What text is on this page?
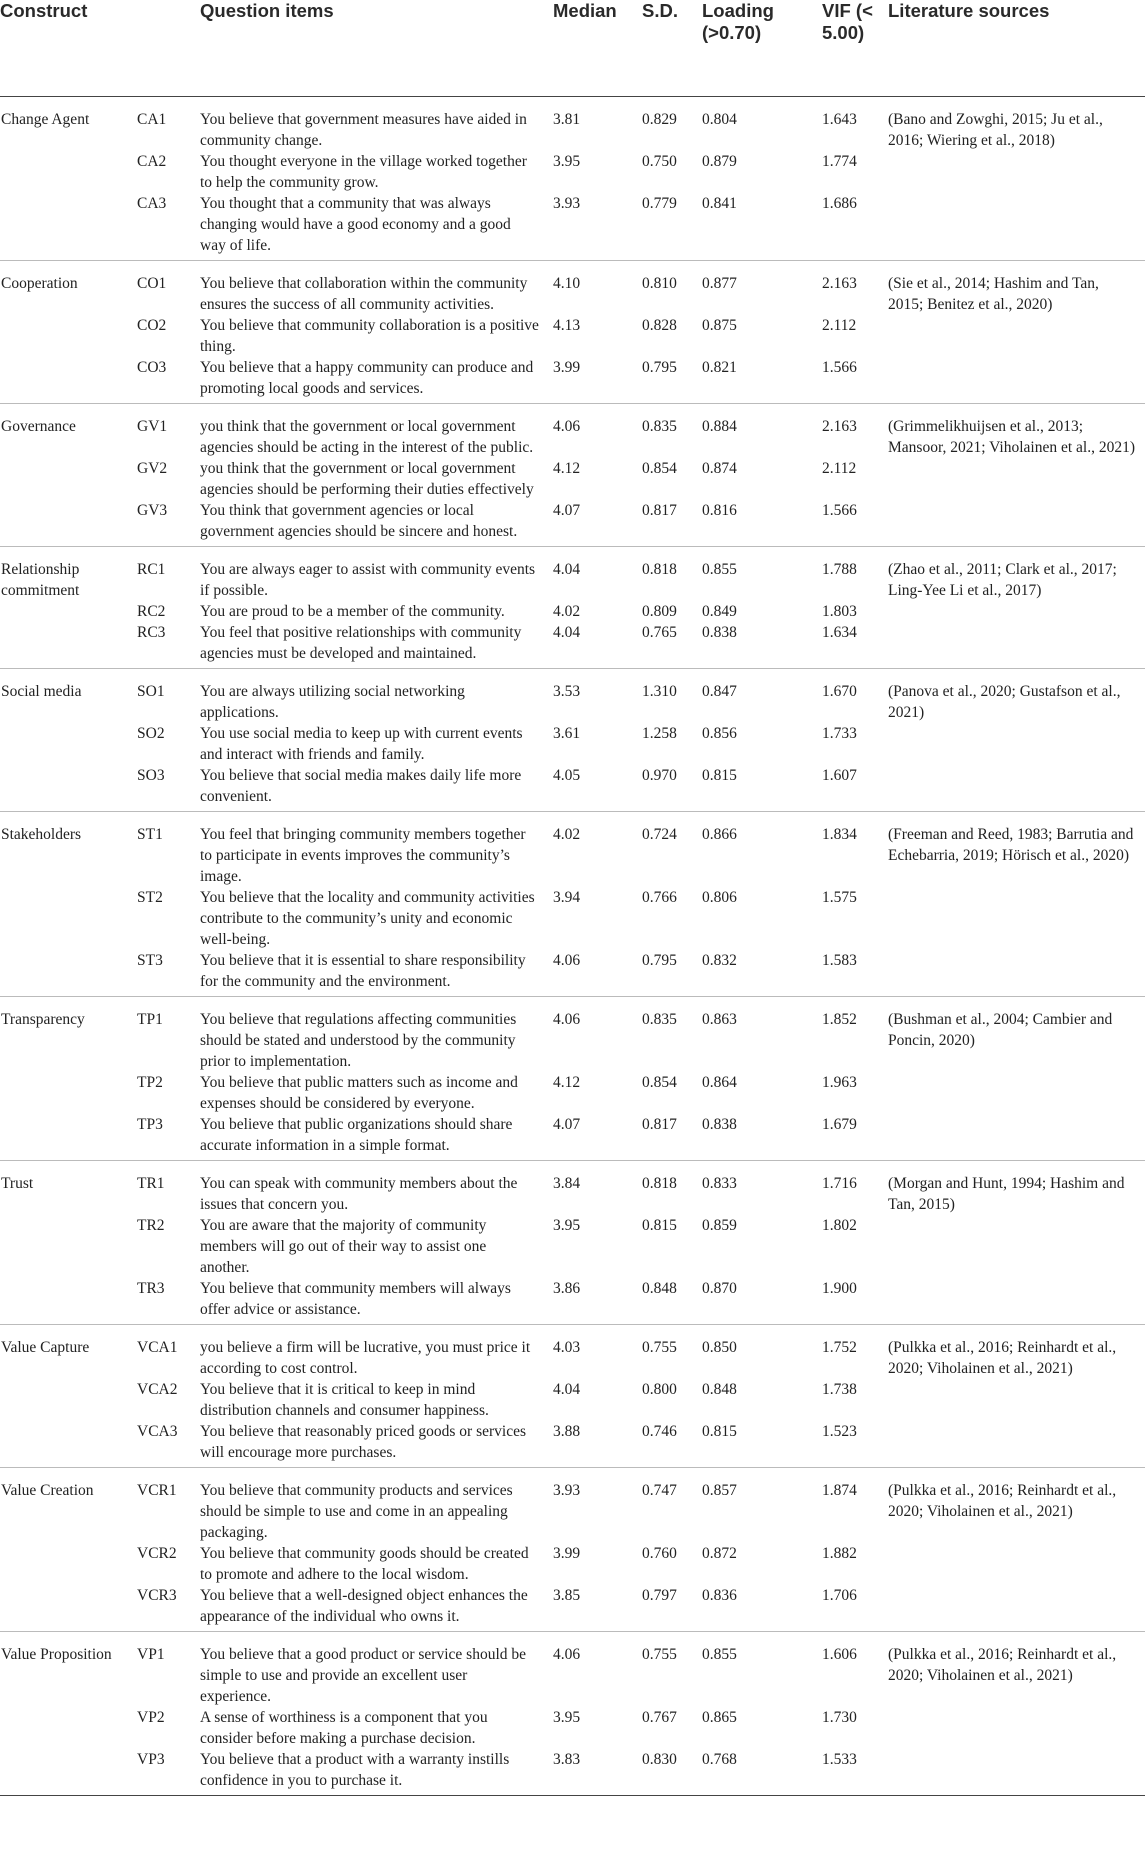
Construct		Question items	Median	S.D.	Loading (>0.70)	VIF (< 5.00)	Literature sources
Change Agent	CA1	You believe that government measures have aided in community change.	3.81	0.829	0.804	1.643	(Bano and Zowghi, 2015; Ju et al., 2016; Wiering et al., 2018)
	CA2	You thought everyone in the village worked together to help the community grow.	3.95	0.750	0.879	1.774	
	CA3	You thought that a community that was always changing would have a good economy and a good way of life.	3.93	0.779	0.841	1.686	
Cooperation	CO1	You believe that collaboration within the community ensures the success of all community activities.	4.10	0.810	0.877	2.163	(Sie et al., 2014; Hashim and Tan, 2015; Benitez et al., 2020)
	CO2	You believe that community collaboration is a positive thing.	4.13	0.828	0.875	2.112	
	CO3	You believe that a happy community can produce and promoting local goods and services.	3.99	0.795	0.821	1.566	
Governance	GV1	you think that the government or local government agencies should be acting in the interest of the public.	4.06	0.835	0.884	2.163	(Grimmelikhuijsen et al., 2013; Mansoor, 2021; Viholainen et al., 2021)
	GV2	you think that the government or local government agencies should be performing their duties effectively	4.12	0.854	0.874	2.112	
	GV3	You think that government agencies or local government agencies should be sincere and honest.	4.07	0.817	0.816	1.566	
Relationship commitment	RC1	You are always eager to assist with community events if possible.	4.04	0.818	0.855	1.788	(Zhao et al., 2011; Clark et al., 2017; Ling-Yee Li et al., 2017)
	RC2	You are proud to be a member of the community.	4.02	0.809	0.849	1.803	
	RC3	You feel that positive relationships with community agencies must be developed and maintained.	4.04	0.765	0.838	1.634	
Social media	SO1	You are always utilizing social networking applications.	3.53	1.310	0.847	1.670	(Panova et al., 2020; Gustafson et al., 2021)
	SO2	You use social media to keep up with current events and interact with friends and family.	3.61	1.258	0.856	1.733	
	SO3	You believe that social media makes daily life more convenient.	4.05	0.970	0.815	1.607	
Stakeholders	ST1	You feel that bringing community members together to participate in events improves the community’s image.	4.02	0.724	0.866	1.834	(Freeman and Reed, 1983; Barrutia and Echebarria, 2019; Hörisch et al., 2020)
	ST2	You believe that the locality and community activities contribute to the community’s unity and economic well-being.	3.94	0.766	0.806	1.575	
	ST3	You believe that it is essential to share responsibility for the community and the environment.	4.06	0.795	0.832	1.583	
Transparency	TP1	You believe that regulations affecting communities should be stated and understood by the community prior to implementation.	4.06	0.835	0.863	1.852	(Bushman et al., 2004; Cambier and Poncin, 2020)
	TP2	You believe that public matters such as income and expenses should be considered by everyone.	4.12	0.854	0.864	1.963	
	TP3	You believe that public organizations should share accurate information in a simple format.	4.07	0.817	0.838	1.679	
Trust	TR1	You can speak with community members about the issues that concern you.	3.84	0.818	0.833	1.716	(Morgan and Hunt, 1994; Hashim and Tan, 2015)
	TR2	You are aware that the majority of community members will go out of their way to assist one another.	3.95	0.815	0.859	1.802	
	TR3	You believe that community members will always offer advice or assistance.	3.86	0.848	0.870	1.900	
Value Capture	VCA1	you believe a firm will be lucrative, you must price it according to cost control.	4.03	0.755	0.850	1.752	(Pulkka et al., 2016; Reinhardt et al., 2020; Viholainen et al., 2021)
	VCA2	You believe that it is critical to keep in mind distribution channels and consumer happiness.	4.04	0.800	0.848	1.738	
	VCA3	You believe that reasonably priced goods or services will encourage more purchases.	3.88	0.746	0.815	1.523	
Value Creation	VCR1	You believe that community products and services should be simple to use and come in an appealing packaging.	3.93	0.747	0.857	1.874	(Pulkka et al., 2016; Reinhardt et al., 2020; Viholainen et al., 2021)
	VCR2	You believe that community goods should be created to promote and adhere to the local wisdom.	3.99	0.760	0.872	1.882	
	VCR3	You believe that a well-designed object enhances the appearance of the individual who owns it.	3.85	0.797	0.836	1.706	
Value Proposition	VP1	You believe that a good product or service should be simple to use and provide an excellent user experience.	4.06	0.755	0.855	1.606	(Pulkka et al., 2016; Reinhardt et al., 2020; Viholainen et al., 2021)
	VP2	A sense of worthiness is a component that you consider before making a purchase decision.	3.95	0.767	0.865	1.730	
	VP3	You believe that a product with a warranty instills confidence in you to purchase it.	3.83	0.830	0.768	1.533	
